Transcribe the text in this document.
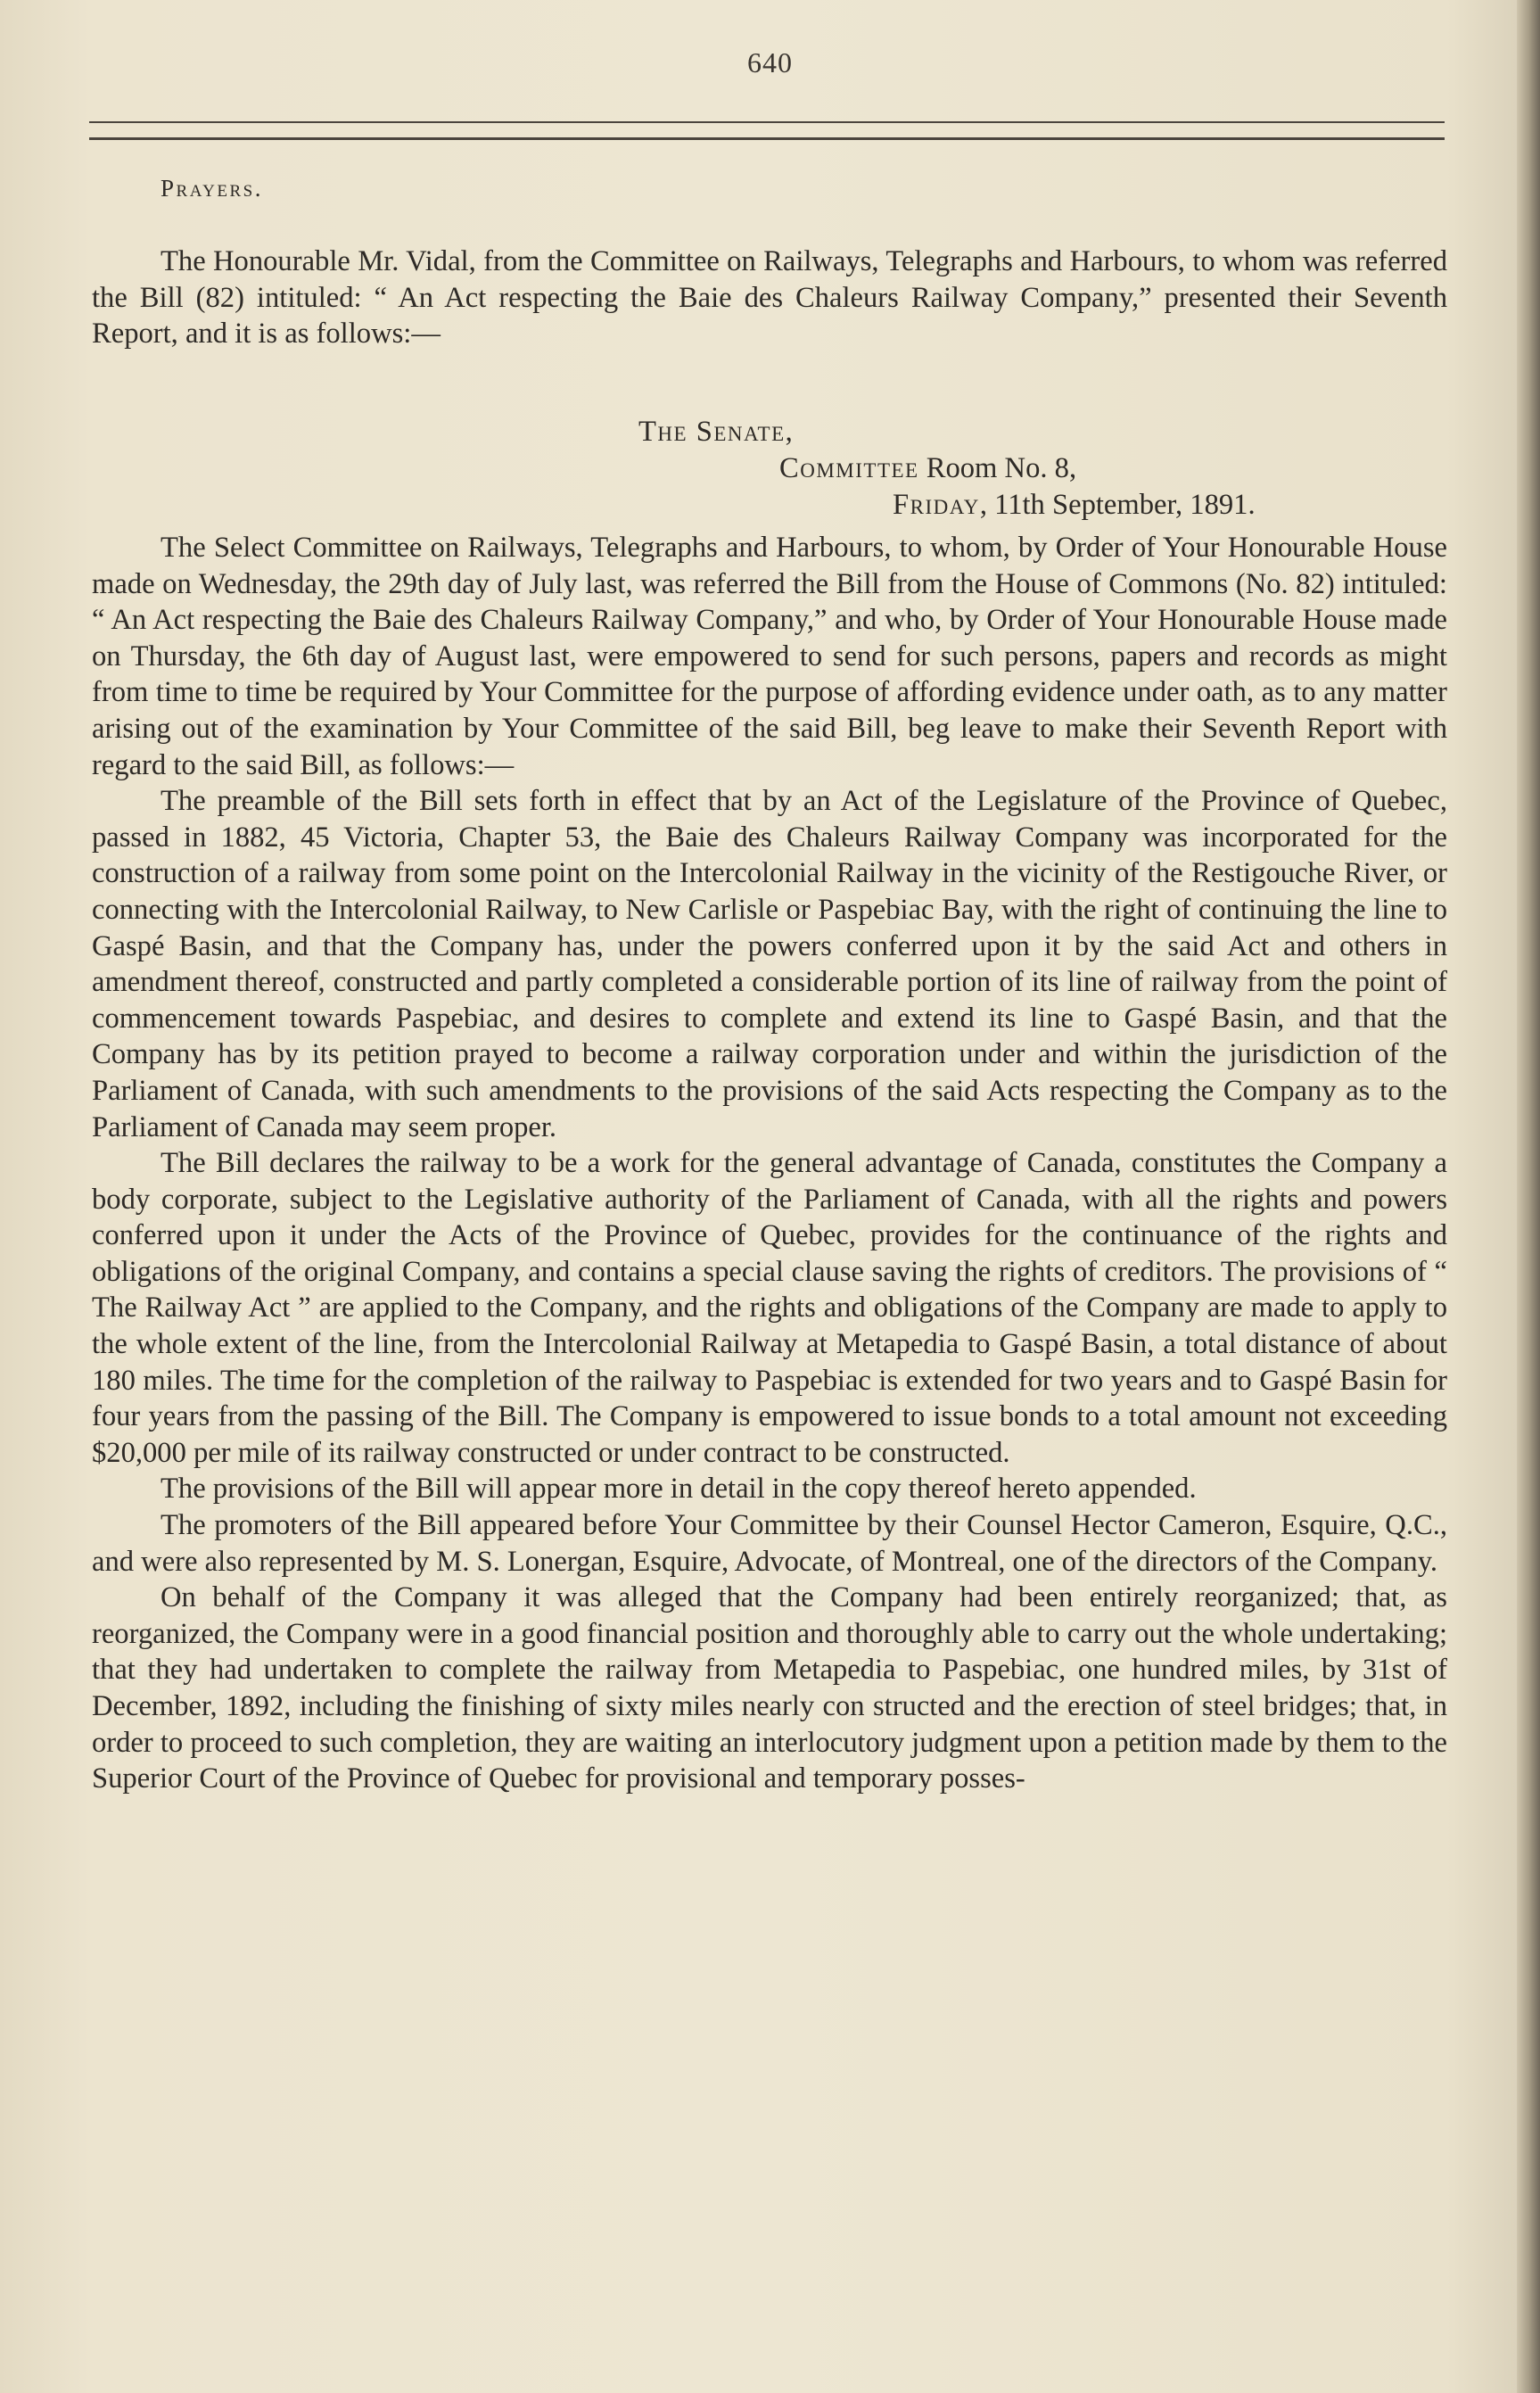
640
Prayers.

The Honourable Mr. Vidal, from the Committee on Railways, Telegraphs and Harbours, to whom was referred the Bill (82) intituled: “ An Act respecting the Baie des Chaleurs Railway Company,” presented their Seventh Report, and it is as follows:—

The Senate,
Committee Room No. 8,
Friday, 11th September, 1891.

The Select Committee on Railways, Telegraphs and Harbours, to whom, by Order of Your Honourable House made on Wednesday, the 29th day of July last, was referred the Bill from the House of Commons (No. 82) intituled: “ An Act respecting the Baie des Chaleurs Railway Company,” and who, by Order of Your Honourable House made on Thursday, the 6th day of August last, were empowered to send for such persons, papers and records as might from time to time be required by Your Committee for the purpose of affording evidence under oath, as to any matter arising out of the examination by Your Committee of the said Bill, beg leave to make their Seventh Report with regard to the said Bill, as follows:—

The preamble of the Bill sets forth in effect that by an Act of the Legislature of the Province of Quebec, passed in 1882, 45 Victoria, Chapter 53, the Baie des Chaleurs Railway Company was incorporated for the construction of a railway from some point on the Intercolonial Railway in the vicinity of the Restigouche River, or connecting with the Intercolonial Railway, to New Carlisle or Paspebiac Bay, with the right of continuing the line to Gaspé Basin, and that the Company has, under the powers conferred upon it by the said Act and others in amendment thereof, constructed and partly completed a considerable portion of its line of railway from the point of commencement towards Paspebiac, and desires to complete and extend its line to Gaspé Basin, and that the Company has by its petition prayed to become a railway corporation under and within the jurisdiction of the Parliament of Canada, with such amendments to the provisions of the said Acts respecting the Company as to the Parliament of Canada may seem proper.

The Bill declares the railway to be a work for the general advantage of Canada, constitutes the Company a body corporate, subject to the Legislative authority of the Parliament of Canada, with all the rights and powers conferred upon it under the Acts of the Province of Quebec, provides for the continuance of the rights and obligations of the original Company, and contains a special clause saving the rights of creditors. The provisions of “ The Railway Act ” are applied to the Company, and the rights and obligations of the Company are made to apply to the whole extent of the line, from the Intercolonial Railway at Metapedia to Gaspé Basin, a total distance of about 180 miles. The time for the completion of the railway to Paspebiac is extended for two years and to Gaspé Basin for four years from the passing of the Bill. The Company is empowered to issue bonds to a total amount not exceeding $20,000 per mile of its railway constructed or under contract to be constructed.

The provisions of the Bill will appear more in detail in the copy thereof hereto appended.

The promoters of the Bill appeared before Your Committee by their Counsel Hector Cameron, Esquire, Q.C., and were also represented by M. S. Lonergan, Esquire, Advocate, of Montreal, one of the directors of the Company.

On behalf of the Company it was alleged that the Company had been entirely reorganized; that, as reorganized, the Company were in a good financial position and thoroughly able to carry out the whole undertaking; that they had undertaken to complete the railway from Metapedia to Paspebiac, one hundred miles, by 31st of December, 1892, including the finishing of sixty miles nearly con structed and the erection of steel bridges; that, in order to proceed to such completion, they are waiting an interlocutory judgment upon a petition made by them to the Superior Court of the Province of Quebec for provisional and temporary posses-
